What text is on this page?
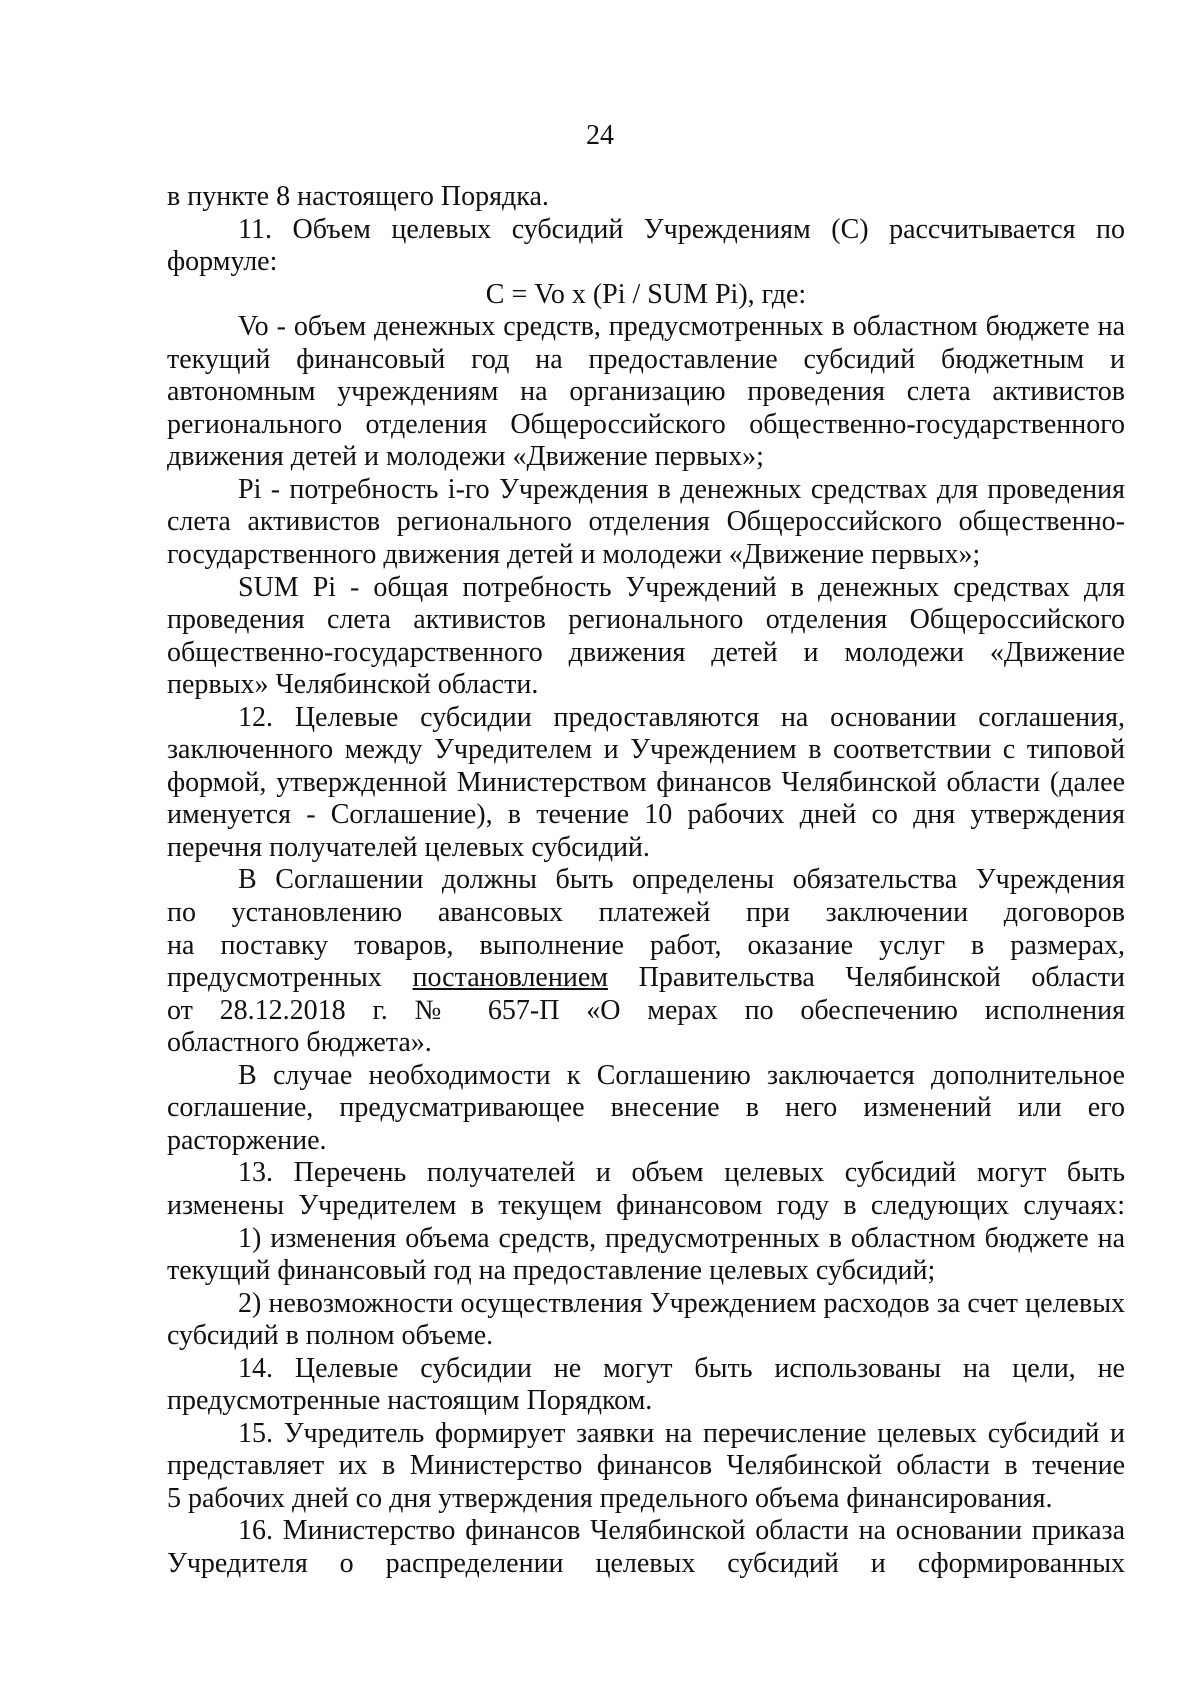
24
в пункте 8 настоящего Порядка.
11. Объем целевых субсидий Учреждениям (С) рассчитывается по
формуле:
С = Vo x (Pi / SUM Pi), где:
Vo - объем денежных средств, предусмотренных в областном бюджете на
текущий финансовый год на предоставление субсидий бюджетным и
автономным учреждениям на организацию проведения слета активистов
регионального отделения Общероссийского общественно-государственного
движения детей и молодежи «Движение первых»;
Pi - потребность i-го Учреждения в денежных средствах для проведения
слета активистов регионального отделения Общероссийского общественно-
государственного движения детей и молодежи «Движение первых»;
SUM Pi - общая потребность Учреждений в денежных средствах для
проведения слета активистов регионального отделения Общероссийского
общественно-государственного движения детей и молодежи «Движение
первых» Челябинской области.
12. Целевые субсидии предоставляются на основании соглашения,
заключенного между Учредителем и Учреждением в соответствии с типовой
формой, утвержденной Министерством финансов Челябинской области (далее
именуется - Соглашение), в течение 10 рабочих дней со дня утверждения
перечня получателей целевых субсидий.
В Соглашении должны быть определены обязательства Учреждения
по установлению авансовых платежей при заключении договоров
на поставку товаров, выполнение работ, оказание услуг в размерах,
предусмотренных постановлением Правительства Челябинской области
от 28.12.2018 г. № 657-П «О мерах по обеспечению исполнения
областного бюджета».
В случае необходимости к Соглашению заключается дополнительное
соглашение, предусматривающее внесение в него изменений или его
расторжение.
13. Перечень получателей и объем целевых субсидий могут быть
изменены Учредителем в текущем финансовом году в следующих случаях:
1) изменения объема средств, предусмотренных в областном бюджете на
текущий финансовый год на предоставление целевых субсидий;
2) невозможности осуществления Учреждением расходов за счет целевых
субсидий в полном объеме.
14. Целевые субсидии не могут быть использованы на цели, не
предусмотренные настоящим Порядком.
15. Учредитель формирует заявки на перечисление целевых субсидий и
представляет их в Министерство финансов Челябинской области в течение
5 рабочих дней со дня утверждения предельного объема финансирования.
16. Министерство финансов Челябинской области на основании приказа
Учредителя о распределении целевых субсидий и сформированных
